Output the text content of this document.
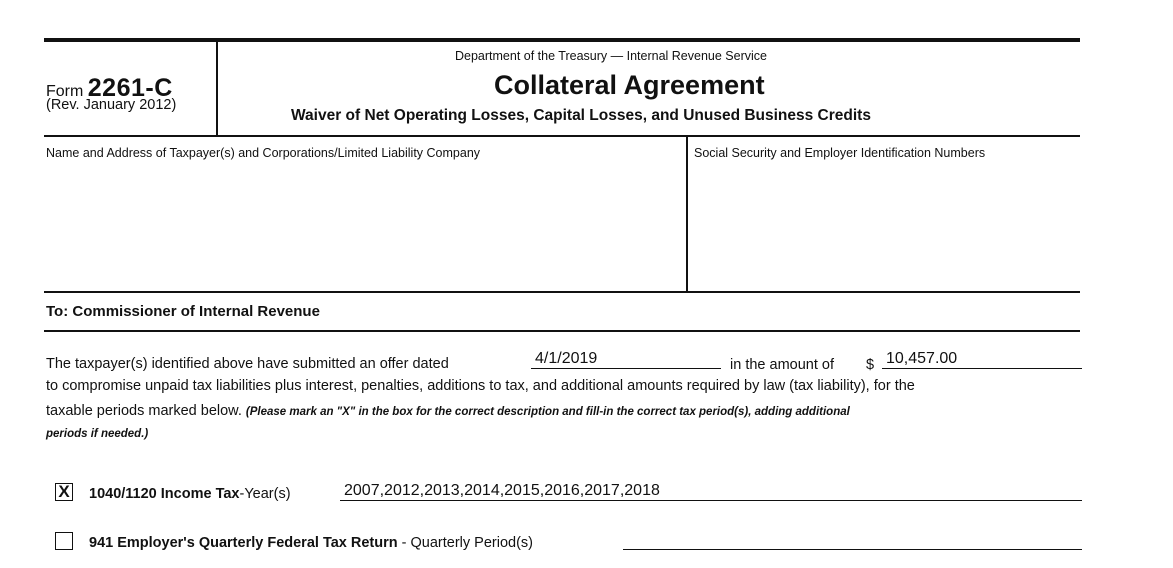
Form 2261-C
(Rev. January 2012)
Department of the Treasury — Internal Revenue Service
Collateral Agreement
Waiver of Net Operating Losses, Capital Losses, and Unused Business Credits
Name and Address of Taxpayer(s) and Corporations/Limited Liability Company	Social Security and Employer Identification Numbers
To: Commissioner of Internal Revenue
The taxpayer(s) identified above have submitted an offer dated	4/1/2019	in the amount of $ 10,457.00
to compromise unpaid tax liabilities plus interest, penalties, additions to tax, and additional amounts required by law (tax liability), for the
taxable periods marked below. (Please mark an "X" in the box for the correct description and fill-in the correct tax period(s), adding additional
periods if needed.)
X 1040/1120 Income Tax-Year(s)	2007,2012,2013,2014,2015,2016,2017,2018
941 Employer's Quarterly Federal Tax Return - Quarterly Period(s)
